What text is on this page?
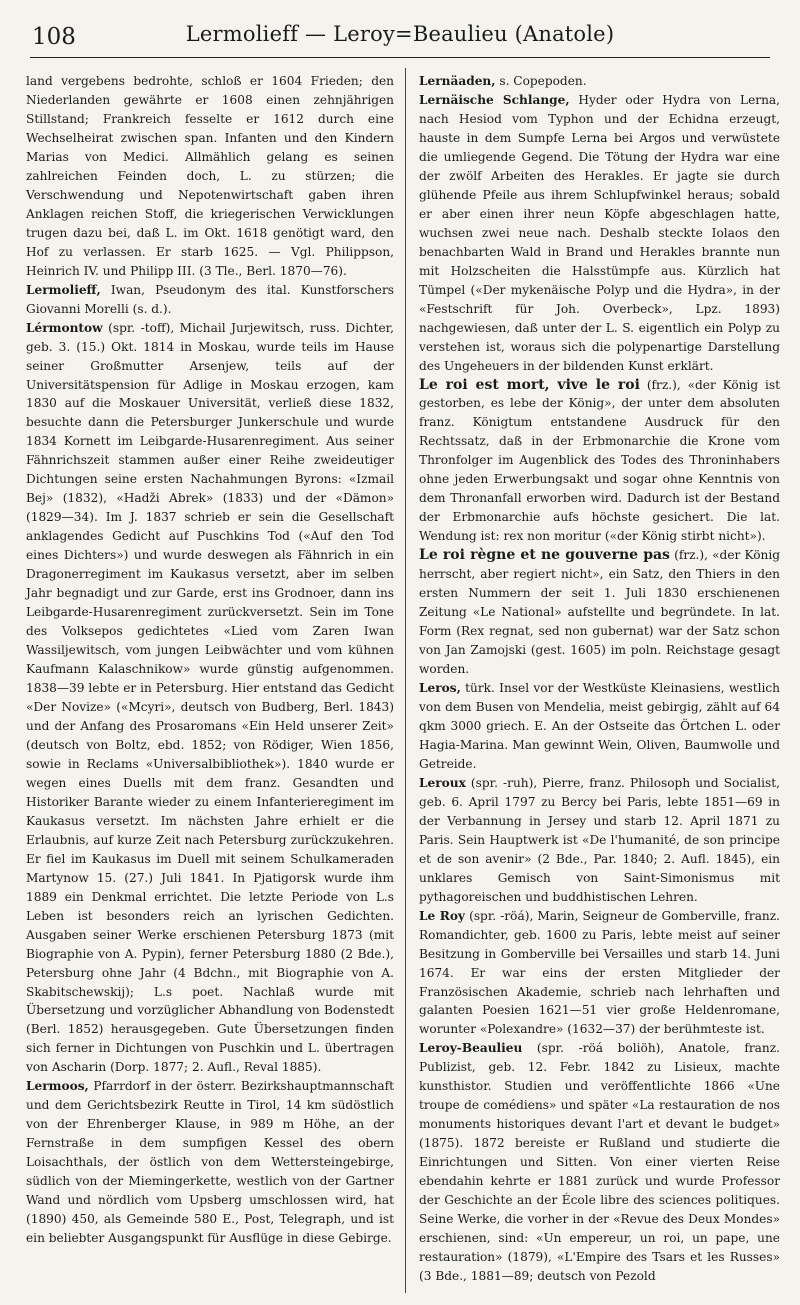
108	Lermolieff — Leroy=Beaulieu (Anatole)

land vergebens bedrohte, schloß er 1604 Frieden; den Niederlanden gewährte er 1608 einen zehnjährigen Stillstand; Frankreich fesselte er 1612 durch eine Wechselheirat zwischen span. Infanten und den Kindern Marias von Medici. Allmählich gelang es seinen zahlreichen Feinden doch, L. zu stürzen; die Verschwendung und Nepotenwirtschaft gaben ihren Anklagen reichen Stoff, die kriegerischen Verwicklungen trugen dazu bei, daß L. im Okt. 1618 genötigt ward, den Hof zu verlassen. Er starb 1625. — Vgl. Philippson, Heinrich IV. und Philipp III. (3 Tle., Berl. 1870—76).

Lermolieff, Iwan, Pseudonym des ital. Kunstforschers Giovanni Morelli (s. d.).

Lérmontow (spr. -toff), Michail Jurjewitsch, russ. Dichter, geb. 3. (15.) Okt. 1814 in Moskau, wurde teils im Hause seiner Großmutter Arsenjew, teils auf der Universitätspension für Adlige in Moskau erzogen, kam 1830 auf die Moskauer Universität, verließ diese 1832, besuchte dann die Petersburger Junkerschule und wurde 1834 Kornett im Leibgarde-Husarenregiment. Aus seiner Fähnrichszeit stammen außer einer Reihe zweideutiger Dichtungen seine ersten Nachahmungen Byrons: «Izmail Bej» (1832), «Hadži Abrek» (1833) und der «Dämon» (1829—34). Im J. 1837 schrieb er sein die Gesellschaft anklagendes Gedicht auf Puschkins Tod («Auf den Tod eines Dichters») und wurde deswegen als Fähnrich in ein Dragonerregiment im Kaukasus versetzt, aber im selben Jahr begnadigt und zur Garde, erst ins Grodnoer, dann ins Leibgarde-Husarenregiment zurückversetzt. Sein im Tone des Volksepos gedichtetes «Lied vom Zaren Iwan Wassiljewitsch, vom jungen Leibwächter und vom kühnen Kaufmann Kalaschnikow» wurde günstig aufgenommen. 1838—39 lebte er in Petersburg. Hier entstand das Gedicht «Der Novize» («Mcyri», deutsch von Budberg, Berl. 1843) und der Anfang des Prosaromans «Ein Held unserer Zeit» (deutsch von Boltz, ebd. 1852; von Rödiger, Wien 1856, sowie in Reclams «Universalbibliothek»). 1840 wurde er wegen eines Duells mit dem franz. Gesandten und Historiker Barante wieder zu einem Infanterieregiment im Kaukasus versetzt. Im nächsten Jahre erhielt er die Erlaubnis, auf kurze Zeit nach Petersburg zurückzukehren. Er fiel im Kaukasus im Duell mit seinem Schulkameraden Martynow 15. (27.) Juli 1841. In Pjatigorsk wurde ihm 1889 ein Denkmal errichtet. Die letzte Periode von L.s Leben ist besonders reich an lyrischen Gedichten. Ausgaben seiner Werke erschienen Petersburg 1873 (mit Biographie von A. Pypin), ferner Petersburg 1880 (2 Bde.), Petersburg ohne Jahr (4 Bdchn., mit Biographie von A. Skabitschewskij); L.s poet. Nachlaß wurde mit Übersetzung und vorzüglicher Abhandlung von Bodenstedt (Berl. 1852) herausgegeben. Gute Übersetzungen finden sich ferner in Dichtungen von Puschkin und L. übertragen von Ascharin (Dorp. 1877; 2. Aufl., Reval 1885).

Lermoos, Pfarrdorf in der österr. Bezirkshauptmannschaft und dem Gerichtsbezirk Reutte in Tirol, 14 km südöstlich von der Ehrenberger Klause, in 989 m Höhe, an der Fernstraße in dem sumpfigen Kessel des obern Loisachthals, der östlich von dem Wettersteingebirge, südlich von der Miemingerkette, westlich von der Gartner Wand und nördlich vom Upsberg umschlossen wird, hat (1890) 450, als Gemeinde 580 E., Post, Telegraph, und ist ein beliebter Ausgangspunkt für Ausflüge in diese Gebirge.

Lernäaden, s. Copepoden.

Lernäische Schlange, Hyder oder Hydra von Lerna, nach Hesiod vom Typhon und der Echidna erzeugt, hauste in dem Sumpfe Lerna bei Argos und verwüstete die umliegende Gegend. Die Tötung der Hydra war eine der zwölf Arbeiten des Herakles. Er jagte sie durch glühende Pfeile aus ihrem Schlupfwinkel heraus; sobald er aber einen ihrer neun Köpfe abgeschlagen hatte, wuchsen zwei neue nach. Deshalb steckte Iolaos den benachbarten Wald in Brand und Herakles brannte nun mit Holzscheiten die Halsstümpfe aus. Kürzlich hat Tümpel («Der mykenäische Polyp und die Hydra», in der «Festschrift für Joh. Overbeck», Lpz. 1893) nachgewiesen, daß unter der L. S. eigentlich ein Polyp zu verstehen ist, woraus sich die polypenartige Darstellung des Ungeheuers in der bildenden Kunst erklärt.

Le roi est mort, vive le roi (frz.), «der König ist gestorben, es lebe der König», der unter dem absoluten franz. Königtum entstandene Ausdruck für den Rechtssatz, daß in der Erbmonarchie die Krone vom Thronfolger im Augenblick des Todes des Throninhabers ohne jeden Erwerbungsakt und sogar ohne Kenntnis von dem Thronanfall erworben wird. Dadurch ist der Bestand der Erbmonarchie aufs höchste gesichert. Die lat. Wendung ist: rex non moritur («der König stirbt nicht»).

Le roi règne et ne gouverne pas (frz.), «der König herrscht, aber regiert nicht», ein Satz, den Thiers in den ersten Nummern der seit 1. Juli 1830 erschienenen Zeitung «Le National» aufstellte und begründete. In lat. Form (Rex regnat, sed non gubernat) war der Satz schon von Jan Zamojski (gest. 1605) im poln. Reichstage gesagt worden.

Leros, türk. Insel vor der Westküste Kleinasiens, westlich von dem Busen von Mendelia, meist gebirgig, zählt auf 64 qkm 3000 griech. E. An der Ostseite das Örtchen L. oder Hagia-Marina. Man gewinnt Wein, Oliven, Baumwolle und Getreide.

Leroux (spr. -ruh), Pierre, franz. Philosoph und Socialist, geb. 6. April 1797 zu Bercy bei Paris, lebte 1851—69 in der Verbannung in Jersey und starb 12. April 1871 zu Paris. Sein Hauptwerk ist «De l'humanité, de son principe et de son avenir» (2 Bde., Par. 1840; 2. Aufl. 1845), ein unklares Gemisch von Saint-Simonismus mit pythagoreischen und buddhistischen Lehren.

Le Roy (spr. -röá), Marin, Seigneur de Gomberville, franz. Romandichter, geb. 1600 zu Paris, lebte meist auf seiner Besitzung in Gomberville bei Versailles und starb 14. Juni 1674. Er war eins der ersten Mitglieder der Französischen Akademie, schrieb nach lehrhaften und galanten Poesien 1621—51 vier große Heldenromane, worunter «Polexandre» (1632—37) der berühmteste ist.

Leroy-Beaulieu (spr. -röá boliöh), Anatole, franz. Publizist, geb. 12. Febr. 1842 zu Lisieux, machte kunsthistor. Studien und veröffentlichte 1866 «Une troupe de comédiens» und später «La restauration de nos monuments historiques devant l'art et devant le budget» (1875). 1872 bereiste er Rußland und studierte die Einrichtungen und Sitten. Von einer vierten Reise ebendahin kehrte er 1881 zurück und wurde Professor der Geschichte an der École libre des sciences politiques. Seine Werke, die vorher in der «Revue des Deux Mondes» erschienen, sind: «Un empereur, un roi, un pape, une restauration» (1879), «L'Empire des Tsars et les Russes» (3 Bde., 1881—89; deutsch von Pezold
